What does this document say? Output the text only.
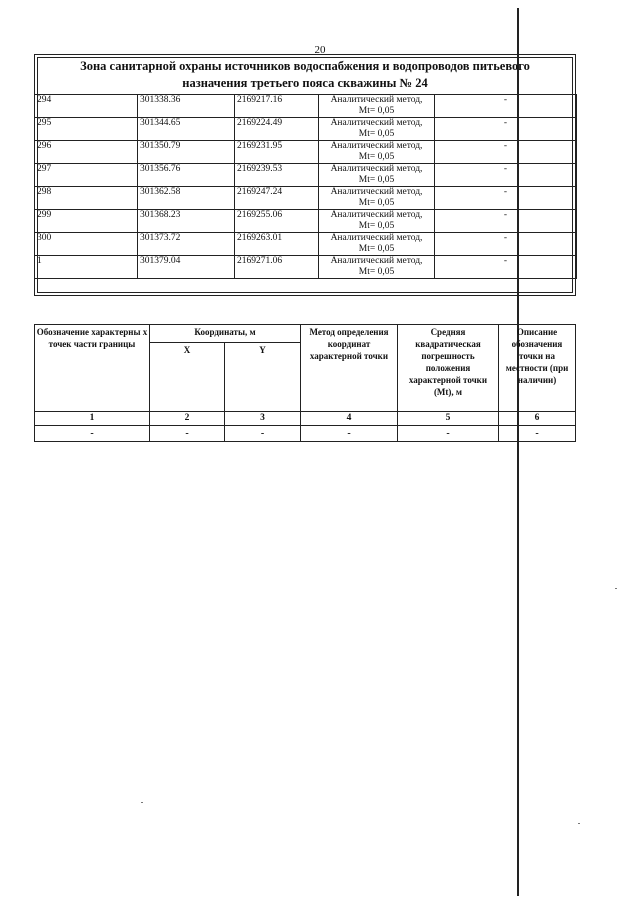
20
Зона санитарной охраны источников водоспабжения и водопроводов питьевого
назначения третьего пояса скважины № 24
294	301338.36	2169217.16	Аналитический метод,
Mt= 0,05	-
295	301344.65	2169224.49	Аналитический метод,
Mt= 0,05	-
296	301350.79	2169231.95	Аналитический метод,
Mt= 0,05	-
297	301356.76	2169239.53	Аналитический метод,
Mt= 0,05	-
298	301362.58	2169247.24	Аналитический метод,
Mt= 0,05	-
299	301368.23	2169255.06	Аналитический метод,
Mt= 0,05	-
300	301373.72	2169263.01	Аналитический метод,
Mt= 0,05	-
1	301379.04	2169271.06	Аналитический метод,
Mt= 0,05	-
Обозначение характерны х точек части границы	Координаты, м		Метод определения координат характерной точки	Средняя квадратическая погрешность положения характерной точки (Mt), м	Описание обозначения точки на местности (при наличии)
	X	Y			
1	2	3	4	5	6
-	-	-	-	-	-
